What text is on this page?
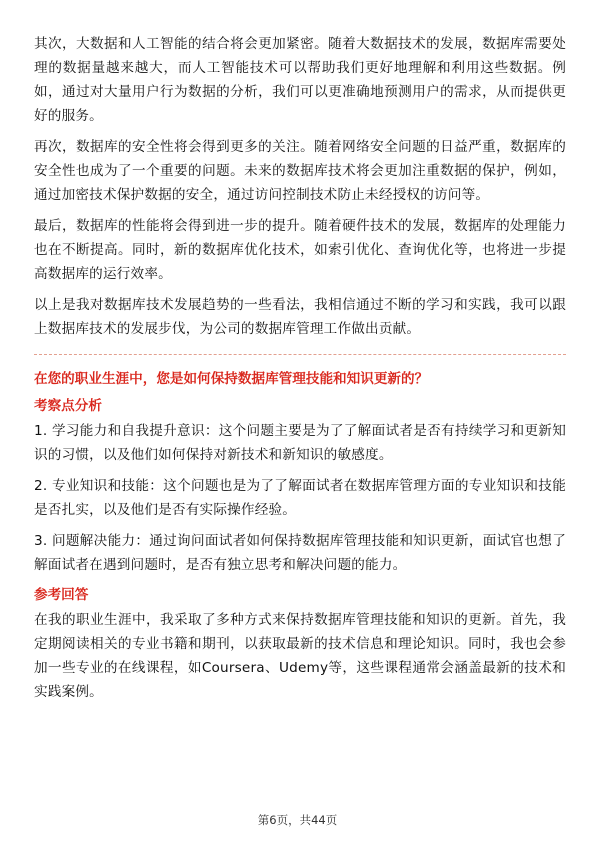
其次，大数据和人工智能的结合将会更加紧密。随着大数据技术的发展，数据库需要处理的数据量越来越大，而人工智能技术可以帮助我们更好地理解和利用这些数据。例如，通过对大量用户行为数据的分析，我们可以更准确地预测用户的需求，从而提供更好的服务。

再次，数据库的安全性将会得到更多的关注。随着网络安全问题的日益严重，数据库的安全性也成为了一个重要的问题。未来的数据库技术将会更加注重数据的保护，例如，通过加密技术保护数据的安全，通过访问控制技术防止未经授权的访问等。

最后，数据库的性能将会得到进一步的提升。随着硬件技术的发展，数据库的处理能力也在不断提高。同时，新的数据库优化技术，如索引优化、查询优化等，也将进一步提高数据库的运行效率。

以上是我对数据库技术发展趋势的一些看法，我相信通过不断的学习和实践，我可以跟上数据库技术的发展步伐，为公司的数据库管理工作做出贡献。

在您的职业生涯中，您是如何保持数据库管理技能和知识更新的？
考察点分析

1. 学习能力和自我提升意识：这个问题主要是为了了解面试者是否有持续学习和更新知识的习惯，以及他们如何保持对新技术和新知识的敏感度。

2. 专业知识和技能：这个问题也是为了了解面试者在数据库管理方面的专业知识和技能是否扎实，以及他们是否有实际操作经验。

3. 问题解决能力：通过询问面试者如何保持数据库管理技能和知识更新，面试官也想了解面试者在遇到问题时，是否有独立思考和解决问题的能力。

参考回答

在我的职业生涯中，我采取了多种方式来保持数据库管理技能和知识的更新。首先，我定期阅读相关的专业书籍和期刊，以获取最新的技术信息和理论知识。同时，我也会参加一些专业的在线课程，如Coursera、Udemy等，这些课程通常会涵盖最新的技术和实践案例。

第6页，共44页
